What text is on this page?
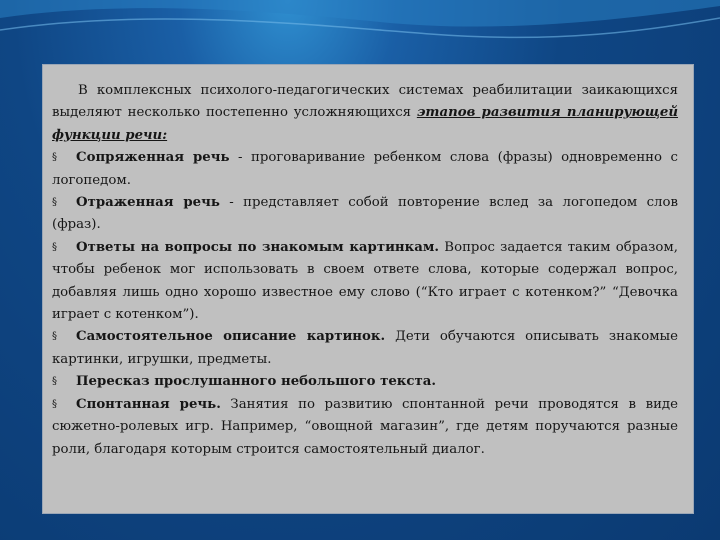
В комплексных психолого-педагогических системах реабилитации заикающихся выделяют несколько постепенно усложняющихся этапов развития планирующей функции речи:

§ Сопряженная речь - проговаривание ребенком слова (фразы) одновременно с логопедом.

§ Отраженная речь - представляет собой повторение вслед за логопедом слов (фраз).

§ Ответы на вопросы по знакомым картинкам. Вопрос задается таким образом, чтобы ребенок мог использовать в своем ответе слова, которые содержал вопрос, добавляя лишь одно хорошо известное ему слово (“Кто играет с котенком?” “Девочка играет с котенком”).

§ Самостоятельное описание картинок. Дети обучаются описывать знакомые картинки, игрушки, предметы.

§ Пересказ прослушанного небольшого текста.

§ Спонтанная речь. Занятия по развитию спонтанной речи проводятся в виде сюжетно-ролевых игр. Например, “овощной магазин”, где детям поручаются разные роли, благодаря которым строится самостоятельный диалог.
